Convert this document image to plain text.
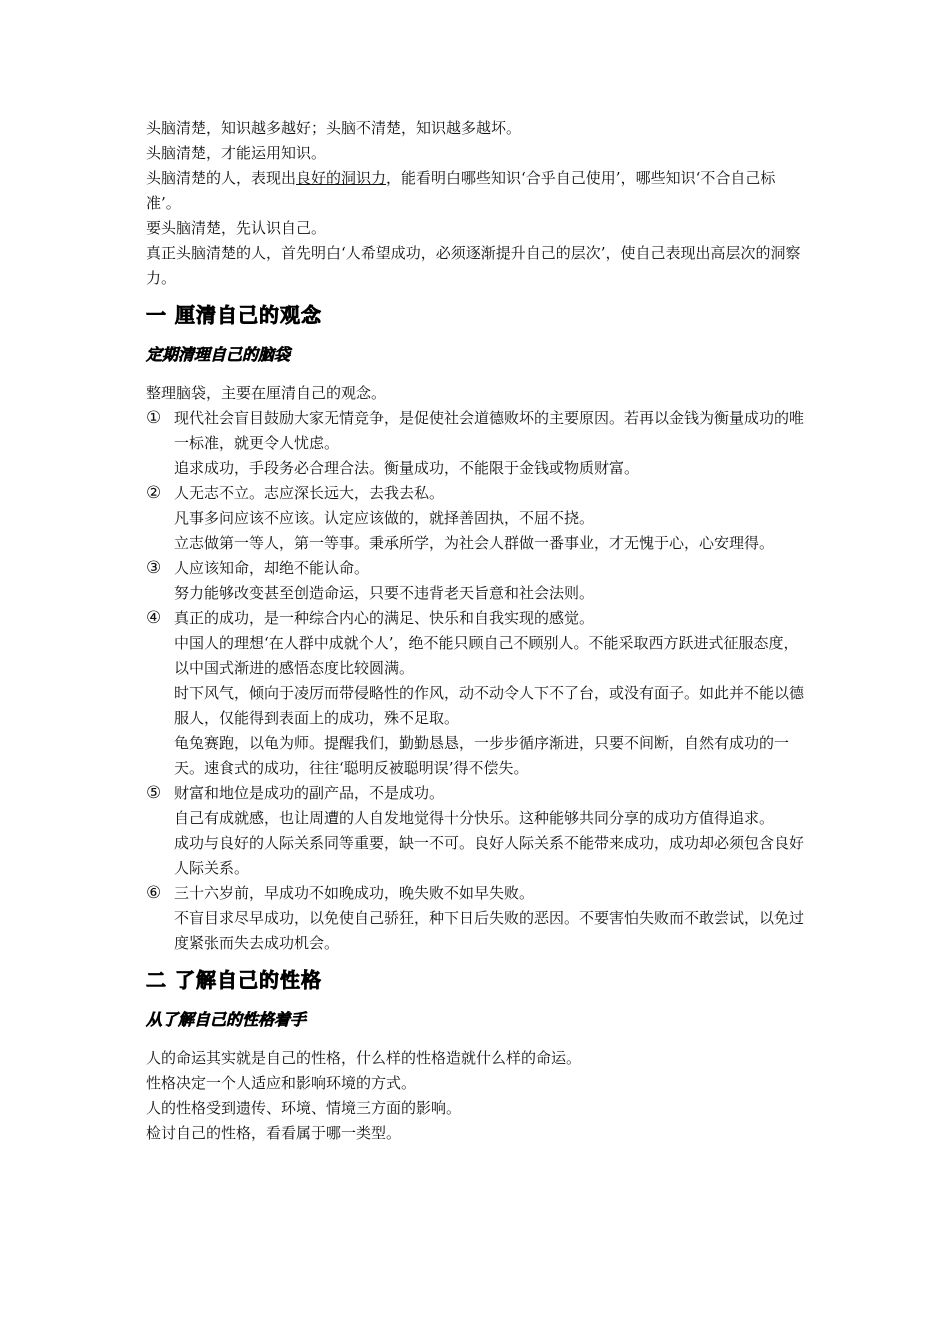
头脑清楚，知识越多越好；头脑不清楚，知识越多越坏。

头脑清楚，才能运用知识。

头脑清楚的人，表现出良好的洞识力，能看明白哪些知识‘合乎自己使用’，哪些知识‘不合自己标准’。

要头脑清楚，先认识自己。

真正头脑清楚的人，首先明白‘人希望成功，必须逐渐提升自己的层次’，使自己表现出高层次的洞察力。

一 厘清自己的观念
定期清理自己的脑袋

整理脑袋，主要在厘清自己的观念。

① 现代社会盲目鼓励大家无情竞争，是促使社会道德败坏的主要原因。若再以金钱为衡量成功的唯一标准，就更令人忧虑。

追求成功，手段务必合理合法。衡量成功，不能限于金钱或物质财富。

② 人无志不立。志应深长远大，去我去私。

凡事多问应该不应该。认定应该做的，就择善固执，不屈不挠。

立志做第一等人，第一等事。秉承所学，为社会人群做一番事业，才无愧于心，心安理得。

③ 人应该知命，却绝不能认命。

努力能够改变甚至创造命运，只要不违背老天旨意和社会法则。

④ 真正的成功，是一种综合内心的满足、快乐和自我实现的感觉。

中国人的理想‘在人群中成就个人’，绝不能只顾自己不顾别人。不能采取西方跃进式征服态度，以中国式渐进的感悟态度比较圆满。

时下风气，倾向于凌厉而带侵略性的作风，动不动令人下不了台，或没有面子。如此并不能以德服人，仅能得到表面上的成功，殊不足取。

龟兔赛跑，以龟为师。提醒我们，勤勤恳恳，一步步循序渐进，只要不间断，自然有成功的一天。速食式的成功，往往‘聪明反被聪明误’得不偿失。

⑤ 财富和地位是成功的副产品，不是成功。

自己有成就感，也让周遭的人自发地觉得十分快乐。这种能够共同分享的成功方值得追求。

成功与良好的人际关系同等重要，缺一不可。良好人际关系不能带来成功，成功却必须包含良好人际关系。

⑥ 三十六岁前，早成功不如晚成功，晚失败不如早失败。

不盲目求尽早成功，以免使自己骄狂，种下日后失败的恶因。不要害怕失败而不敢尝试，以免过度紧张而失去成功机会。

二 了解自己的性格
从了解自己的性格着手

人的命运其实就是自己的性格，什么样的性格造就什么样的命运。

性格决定一个人适应和影响环境的方式。

人的性格受到遗传、环境、情境三方面的影响。

检讨自己的性格，看看属于哪一类型。
